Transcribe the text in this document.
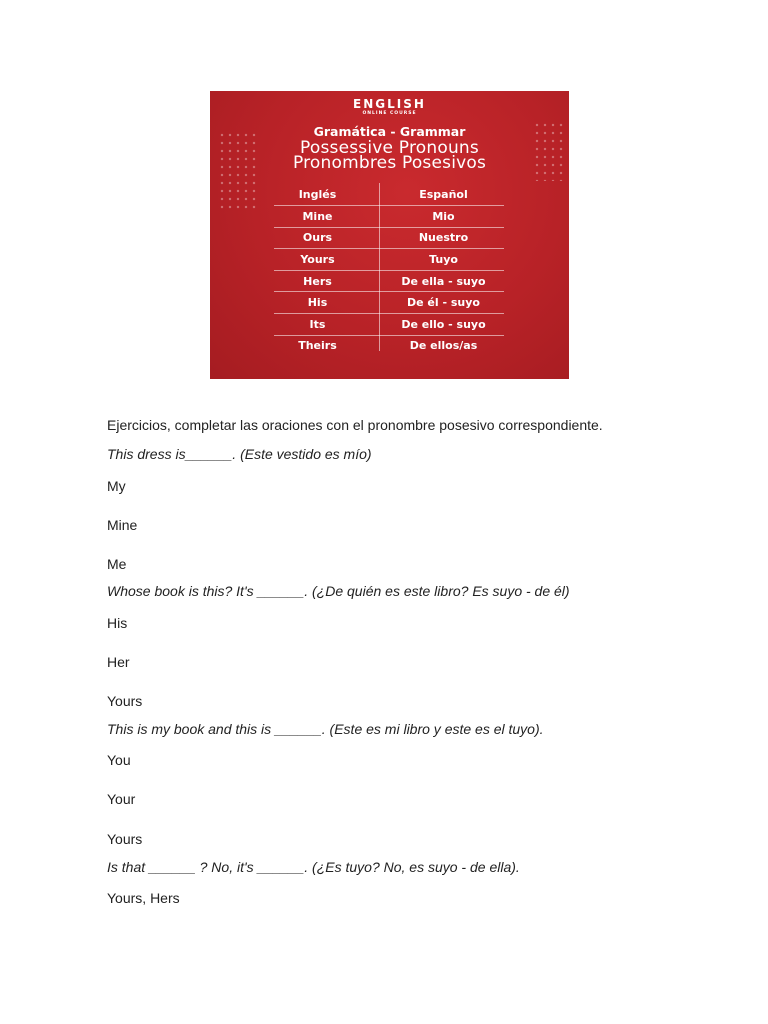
ENGLISH
ONLINE COURSE
Gramática - Grammar
Possessive Pronouns
Pronombres Posesivos
Inglés	Español
Mine	Mio
Ours	Nuestro
Yours	Tuyo
Hers	De ella - suyo
His	De él - suyo
Its	De ello - suyo
Theirs	De ellos/as
Ejercicios, completar las oraciones con el pronombre posesivo correspondiente.
This dress is______. (Este vestido es mío)
My
Mine
Me
Whose book is this? It's ______. (¿De quién es este libro? Es suyo - de él)
His
Her
Yours
This is my book and this is ______. (Este es mi libro y este es el tuyo).
You
Your
Yours
Is that ______ ? No, it's ______. (¿Es tuyo? No, es suyo - de ella).
Yours, Hers
